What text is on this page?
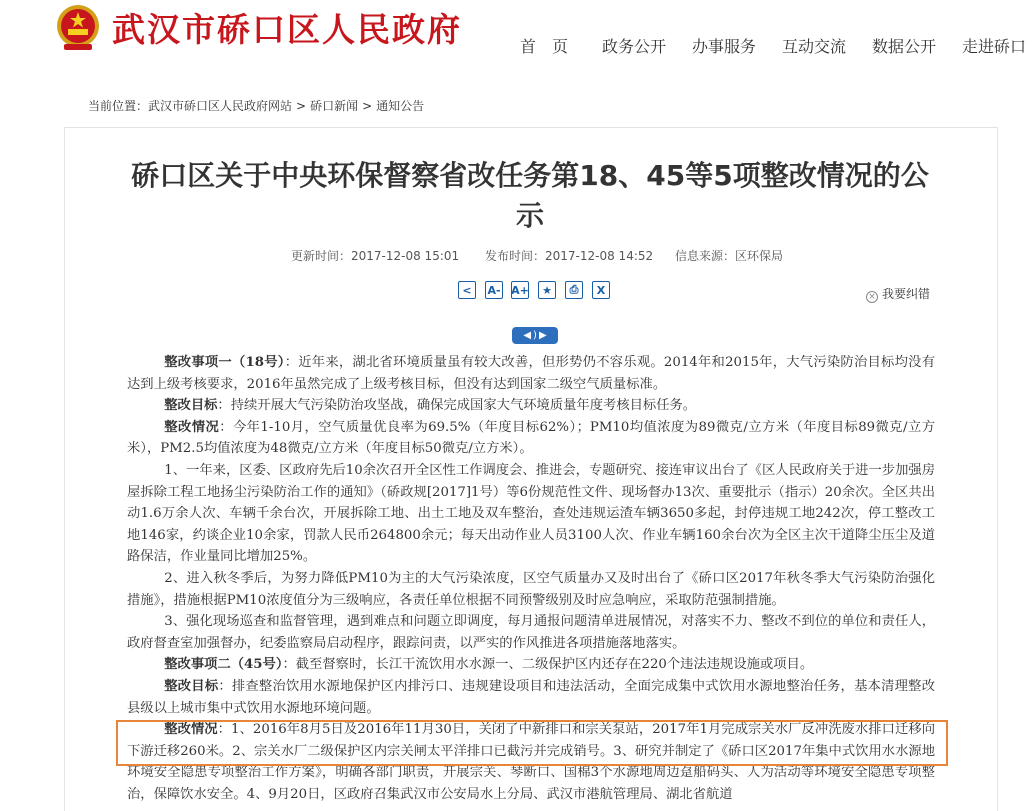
武汉市硚口区人民政府	首　页 政务公开 办事服务 互动交流 数据公开 走进硚口
当前位置：武汉市硚口区人民政府网站 > 硚口新闻 > 通知公告
硚口区关于中央环保督察省改任务第18、45等5项整改情况的公示
更新时间：2017-12-08 15:01 发布时间：2017-12-08 14:52 信息来源：区环保局
<	A- A+	★	⎙	X
× 我要纠错
◀ ) ▶

整改事项一（18号）：近年来，湖北省环境质量虽有较大改善，但形势仍不容乐观。2014年和2015年，大气污染防治目标均没有达到上级考核要求，2016年虽然完成了上级考核目标，但没有达到国家二级空气质量标准。

整改目标：持续开展大气污染防治攻坚战，确保完成国家大气环境质量年度考核目标任务。

整改情况：今年1-10月，空气质量优良率为69.5%（年度目标62%）；PM10均值浓度为89微克/立方米（年度目标89微克/立方米），PM2.5均值浓度为48微克/立方米（年度目标50微克/立方米）。

1、一年来，区委、区政府先后10余次召开全区性工作调度会、推进会，专题研究、接连审议出台了《区人民政府关于进一步加强房屋拆除工程工地扬尘污染防治工作的通知》（硚政规[2017]1号）等6份规范性文件、现场督办13次、重要批示（指示）20余次。全区共出动1.6万余人次、车辆千余台次，开展拆除工地、出土工地及双车整治，查处违规运渣车辆3650多起，封停违规工地242次，停工整改工地146家，约谈企业10余家，罚款人民币264800余元；每天出动作业人员3100人次、作业车辆160余台次为全区主次干道降尘压尘及道路保洁，作业量同比增加25%。

2、进入秋冬季后，为努力降低PM10为主的大气污染浓度，区空气质量办又及时出台了《硚口区2017年秋冬季大气污染防治强化措施》，措施根据PM10浓度值分为三级响应，各责任单位根据不同预警级别及时应急响应，采取防范强制措施。

3、强化现场巡查和监督管理，遇到难点和问题立即调度，每月通报问题清单进展情况，对落实不力、整改不到位的单位和责任人，政府督查室加强督办，纪委监察局启动程序，跟踪问责，以严实的作风推进各项措施落地落实。

整改事项二（45号）：截至督察时，长江干流饮用水水源一、二级保护区内还存在220个违法违规设施或项目。

整改目标：排查整治饮用水源地保护区内排污口、违规建设项目和违法活动，全面完成集中式饮用水源地整治任务，基本清理整改县级以上城市集中式饮用水源地环境问题。

整改情况：1、2016年8月5日及2016年11月30日，关闭了中新排口和宗关泵站，2017年1月完成宗关水厂反冲洗废水排口迁移向下游迁移260米。2、宗关水厂二级保护区内宗关闸太平洋排口已截污并完成销号。3、研究并制定了《硚口区2017年集中式饮用水水源地环境安全隐患专项整治工作方案》，明确各部门职责，开展宗关、琴断口、国棉3个水源地周边趸船码头、人为活动等环境安全隐患专项整治，保障饮水安全。4、9月20日，区政府召集武汉市公安局水上分局、武汉市港航管理局、湖北省航道
